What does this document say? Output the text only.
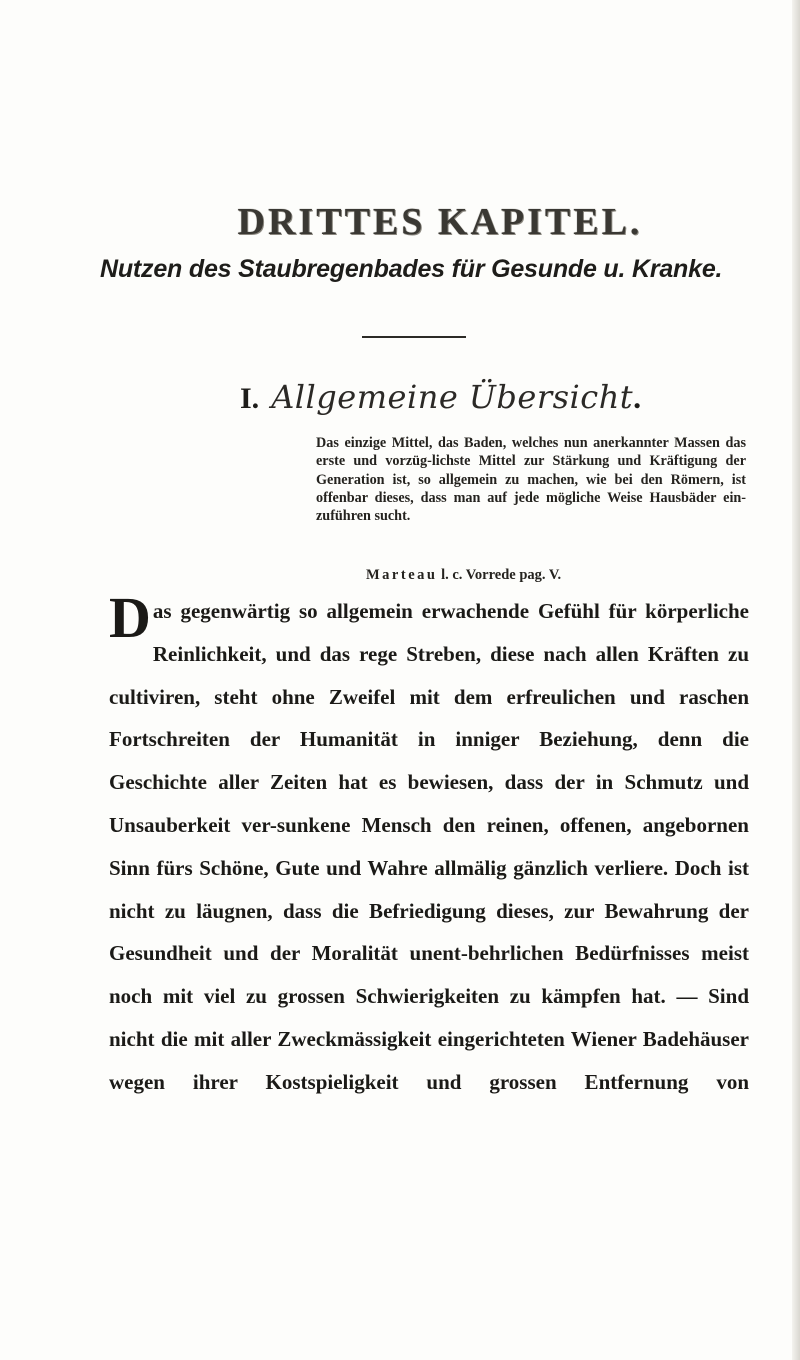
DRITTES KAPITEL.
Nutzen des Staubregenbades für Gesunde u. Kranke.
I. Allgemeine Übersicht.
Das einzige Mittel, das Baden, welches nun anerkannter Massen das erste und vorzüg-lichste Mittel zur Stärkung und Kräftigung der Generation ist, so allgemein zu machen, wie bei den Römern, ist offenbar dieses, dass man auf jede mögliche Weise Hausbäder ein-zuführen sucht.
Marteau l. c. Vorrede pag. V.
D as gegenwärtig so allgemein erwachende Gefühl für körperliche Reinlichkeit, und das rege Streben, diese nach allen Kräften zu cultiviren, steht ohne Zweifel mit dem erfreulichen und raschen Fortschreiten der Humanität in inniger Beziehung, denn die Geschichte aller Zeiten hat es bewiesen, dass der in Schmutz und Unsauberkeit ver-sunkene Mensch den reinen, offenen, angebornen Sinn fürs Schöne, Gute und Wahre allmälig gänzlich verliere. Doch ist nicht zu läugnen, dass die Befriedigung dieses, zur Bewahrung der Gesundheit und der Moralität unent-behrlichen Bedürfnisses meist noch mit viel zu grossen Schwierigkeiten zu kämpfen hat. — Sind nicht die mit aller Zweckmässigkeit eingerichteten Wiener Badehäuser wegen ihrer Kostspieligkeit und grossen Entfernung von
